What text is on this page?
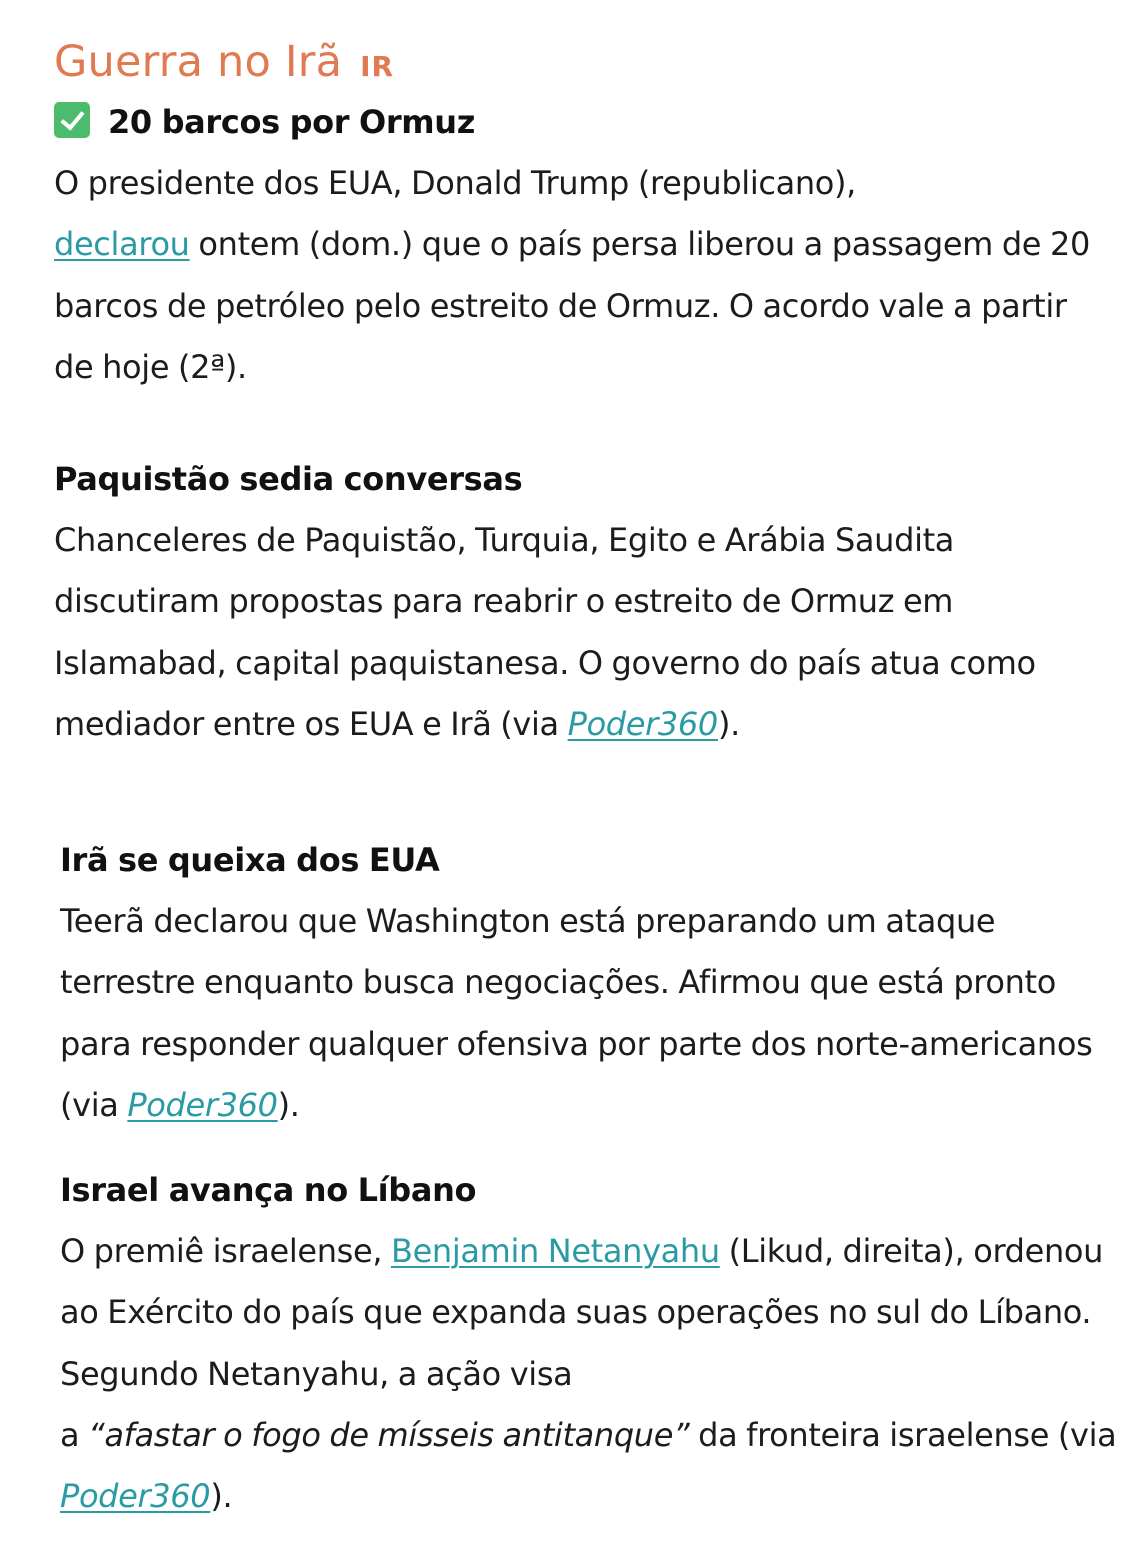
Guerra no Irã IR
20 barcos por Ormuz

O presidente dos EUA, Donald Trump (republicano),
declarou ontem (dom.) que o país persa liberou a passagem de 20 barcos de petróleo pelo estreito de Ormuz. O acordo vale a partir de hoje (2ª).

Paquistão sedia conversas

Chanceleres de Paquistão, Turquia, Egito e Arábia Saudita discutiram propostas para reabrir o estreito de Ormuz em Islamabad, capital paquistanesa. O governo do país atua como mediador entre os EUA e Irã (via Poder360).

Irã se queixa dos EUA

Teerã declarou que Washington está preparando um ataque terrestre enquanto busca negociações. Afirmou que está pronto para responder qualquer ofensiva por parte dos norte-americanos (via Poder360).

Israel avança no Líbano

O premiê israelense, Benjamin Netanyahu (Likud, direita), ordenou ao Exército do país que expanda suas operações no sul do Líbano. Segundo Netanyahu, a ação visa
a “afastar o fogo de mísseis antitanque” da fronteira israelense (via Poder360).
